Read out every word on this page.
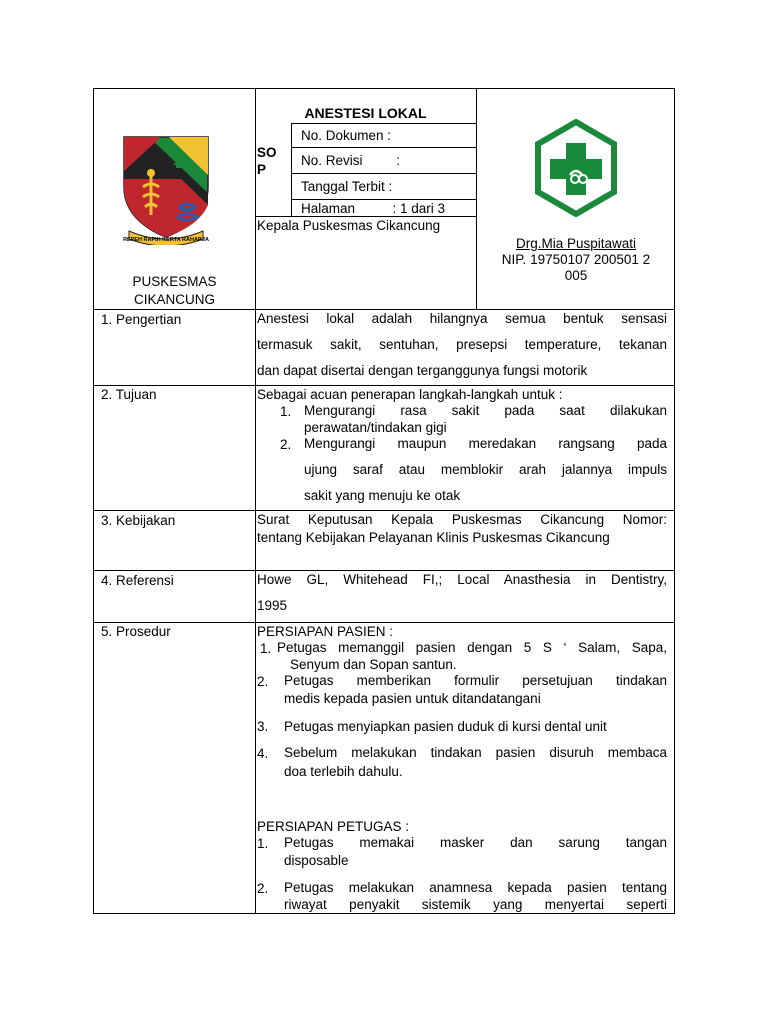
REPEH RAPIH KERTA RAHARJA
PUSKESMAS
CIKANCUNG
ANESTESI LOKAL
SO
P
No. Dokumen :
No. Revisi         :
Tanggal Terbit :
Halaman          : 1 dari 3
Kepala Puskesmas Cikancung
Drg.Mia Puspitawati
NIP. 19750107 200501 2
005
1. Pengertian	Anestesi lokal adalah hilangnya semua bentuk sensasi
termasuk sakit, sentuhan, presepsi temperature, tekanan
dan dapat disertai dengan terganggunya fungsi motorik
2. Tujuan	Sebagai acuan penerapan langkah-langkah untuk :
1. Mengurangi rasa sakit pada saat dilakukan
perawatan/tindakan gigi
2. Mengurangi maupun meredakan rangsang pada
ujung saraf atau memblokir arah jalannya impuls
sakit yang menuju ke otak
3. Kebijakan	Surat Keputusan Kepala Puskesmas Cikancung Nomor:
tentang Kebijakan Pelayanan Klinis Puskesmas Cikancung
4. Referensi	Howe GL, Whitehead FI,; Local Anasthesia in Dentistry,
1995
5. Prosedur	PERSIAPAN PASIEN :
1. Petugas memanggil pasien dengan 5 S ‘ Salam, Sapa,
Senyum dan Sopan santun.
2. Petugas memberikan formulir persetujuan tindakan
medis kepada pasien untuk ditandatangani
3. Petugas menyiapkan pasien duduk di kursi dental unit
4. Sebelum melakukan tindakan pasien disuruh membaca
doa terlebih dahulu.
PERSIAPAN PETUGAS :
1. Petugas memakai masker dan sarung tangan
disposable
2. Petugas melakukan anamnesa kepada pasien tentang
riwayat penyakit sistemik yang menyertai seperti
